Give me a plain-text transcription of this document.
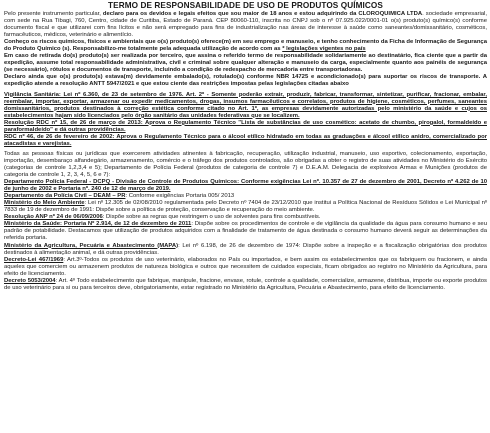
TERMO DE RESPONSABILIDADE DE USO DE PRODUTOS QUÍMICOS

Pelo presente instrumento particular, declaro para os devidos e legais efeitos que sou maior de 18 anos e estou adquirindo da CLOROQUIMICA LTDA. sociedade empresarial, com sede na Rua Tibagi, 760, Centro, cidade de Curitiba, Estado de Paraná. CEP 80060-110, inscrita no CNPJ sob o nº 07.925.022/0001-01 o(s) produto(s) químico(s) conforme documento fiscal e que utilizarei com fins lícitos e não será empregado para fins de industrialização nas áreas de interesse à saúde como saneantes/domissanitário, cosméticos, farmacêuticos, médicos, veterinário e alimentício.

Conheço os riscos químicos, físicos e ambientais que o(s) produto(s) oferece(m) em seu emprego e manuseio, e tenho conhecimento da Ficha de Informação de Segurança do Produto Químico (s). Responsabilizo-me totalmente pela adequada utilização de acordo com as * legislações vigentes no país

Em caso de retirada do(s) produto(s) ser realizada por terceiro, que assina o referido termo de responsabilidade solidariamente ao destinatário, fica ciente que a partir da expedição, assume total responsabilidade administrativa, civil e criminal sobre qualquer alteração e manuseio da carga, especialmente quanto aos painéis de segurança (se necessário), rótulos e documentos de transporte, incluindo a condição de redespacho de mercadoria entre transportadoras.

Declaro ainda que o(s) produto(s) estava(m) devidamente embalado(s), rotulado(s) conforme NBR 14725 e acondicionado(s) para suportar os riscos de transporte. A expedição atende a resolução ANTT 5947/2021 e que estou ciente das restrições impostas pelas legislações citadas abaixo

Vigilância Sanitária: Lei nº 6.360, de 23 de setembro de 1976. Art. 2º - Somente poderão extrair, produzir, fabricar, transformar, sintetizar, purificar, fracionar, embalar, reembalar, importar, exportar, armazenar ou expedir medicamentos, drogas, insumos farmacêuticos e correlatos, produtos de higiene, cosméticos, perfumes, saneantes domissanitários, produtos destinados à correção estética conforme citado no Art. 1º, as empresas devidamente autorizadas pelo ministério da saúde e cujos os estabelecimentos hajam sido licenciados pelo órgão sanitário das unidades federativas que se localizem.

Resolução RDC nº 15, de 26 de março de 2013: Aprova o Regulamento Técnico "Lista de substâncias de uso cosmético: acetato de chumbo, pirogalol, formaldeído e paraformaldeído" e dá outras providências.

RDC nº 46, de 26 de fevereiro de 2002: Aprova o Regulamento Técnico para o álcool etílico hidratado em todas as graduações e álcool etílico anidro, comercializado por atacadistas e varejistas.

Todas as pessoas físicas ou jurídicas que exercerem atividades atinentes à fabricação, recuperação, utilização industrial, manuseio, uso esportivo, colecionamento, exportação, importação, desembaraço alfandegário, armazenamento, comércio e o tráfego dos produtos controlados, são obrigadas a obter o registro de suas atividades no Ministério do Exército (categorias de controle 1,2,3,4 e 5); Departamento de Polícia Federal (produtos de categoria de controle 7) e D.E.A.M. Delegacia de explosivos Armas e Munições (produtos de categoria de controle 1, 2, 3, 4, 5, 6 e 7):

Departamento Polícia Federal - DCPQ - Divisão de Controle de Produtos Químicos: Conforme exigências Lei nº. 10.357 de 27 de dezembro de 2001, Decreto nº 4.262 de 10 de junho de 2002 e Portaria nº. 240 de 12 de março de 2019.

Departamento da Polícia Civil – DEAM – PR: Conforme exigências Portaria 005/ 2013

Ministério do Meio Ambiente: Lei nº 12.305 de 02/08/2010 regulamentada pelo Decreto nº 7404 de 23/12/2010 que institui a Política Nacional de Resíduos Sólidos e Lei Municipal nº 7833 de 19 de dezembro de 1991: Dispõe sobre a política de proteção, conservação e recuperação do meio ambiente.

Resolução ANP nº 24 de 06/09/2006: Dispõe sobre as regras que restringem o uso de solventes para fins combustíveis.

Ministério da Saúde: Portaria Nº 2.914, de 12 de dezembro de 2011: Dispõe sobre os procedimentos de controle e de vigilância da qualidade da água para consumo humano e seu padrão de potabilidade. Destacamos que utilização de produtos adquiridos com a finalidade de tratamento de água destinada o consumo humano deverá seguir as determinações da referida portaria.

Ministério da Agricultura, Pecuária e Abastecimento (MAPA): Lei nº 6.198, de 26 de dezembro de 1974: Dispõe sobre a inspeção e a fiscalização obrigatórias dos produtos destinados à alimentação animal, e dá outras providências.

Decreto-Lei 467/1969: Art.3º-Todos os produtos de uso veterinário, elaborados no País ou importados, e bem assim os estabelecimentos que os fabriquem ou fracionem, e ainda aqueles que comerciem ou armazenem produtos de natureza biológica e outros que necessitem de cuidados especiais, ficam obrigados ao registro no Ministério da Agricultura, para efeito de licenciamento.

Decreto 5053/2004: Art. 4º Todo estabelecimento que fabrique, manipule, fracione, envase, rotule, controle a qualidade, comercialize, armazene, distribua, importe ou exporte produtos de uso veterinário para si ou para terceiros deve, obrigatoriamente, estar registrado no Ministério da Agricultura, Pecuária e Abastecimento, para efeito de licenciamento.
